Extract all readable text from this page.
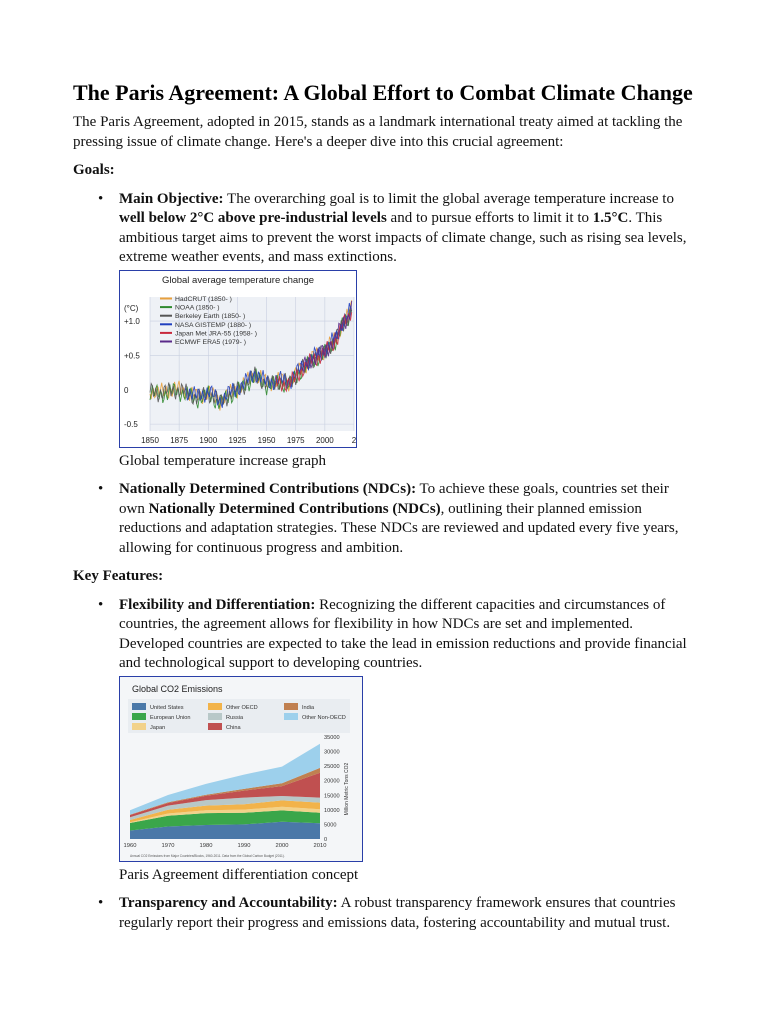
The Paris Agreement: A Global Effort to Combat Climate Change

The Paris Agreement, adopted in 2015, stands as a landmark international treaty aimed at tackling the pressing issue of climate change. Here's a deeper dive into this crucial agreement:

Goals:

• Main Objective: The overarching goal is to limit the global average temperature increase to well below 2°C above pre-industrial levels and to pursue efforts to limit it to 1.5°C. This ambitious target aims to prevent the worst impacts of climate change, such as rising sea levels, extreme weather events, and mass extinctions.
Global average temperature change
(°C)
+1.0
+0.5
0
-0.5
1850 1875 1900 1925 1950 1975 2000 2
HadCRUT (1850- )
NOAA (1850- )
Berkeley Earth (1850- )
NASA GISTEMP (1880- )
Japan Met JRA-55 (1958- )
ECMWF ERA5 (1979- )

Global temperature increase graph

• Nationally Determined Contributions (NDCs): To achieve these goals, countries set their own Nationally Determined Contributions (NDCs), outlining their planned emission reductions and adaptation strategies. These NDCs are reviewed and updated every five years, allowing for continuous progress and ambition.

Key Features:

• Flexibility and Differentiation: Recognizing the different capacities and circumstances of countries, the agreement allows for flexibility in how NDCs are set and implemented. Developed countries are expected to take the lead in emission reductions and provide financial and technological support to developing countries.
Global CO2 Emissions
United States
European Union
Japan
Other OECD
Russia
China
India
Other Non-OECD
35000
30000
25000
20000
15000
10000
5000
0
Million Metric Tons CO2
1960	1970	1980	1990	2000	2010
Annual CO2 Emissions from Major Countries/Blocks, 1960-2011. Data from the Global Carbon Budget (2011).

Paris Agreement differentiation concept

• Transparency and Accountability: A robust transparency framework ensures that countries regularly report their progress and emissions data, fostering accountability and mutual trust.
